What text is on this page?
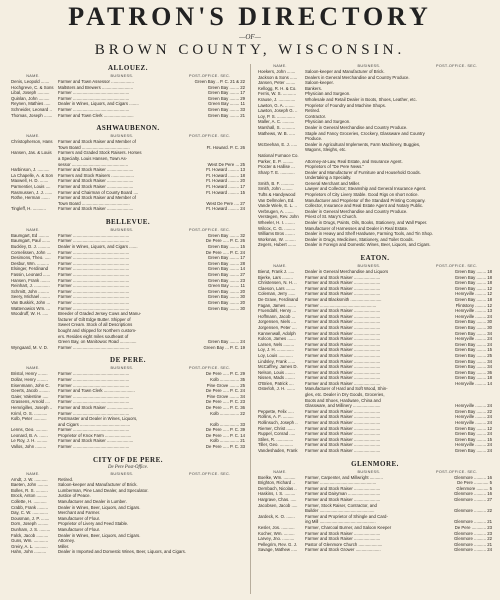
PATRON'S DIRECTORY
—OF—
BROWN COUNTY, WISCONSIN.
ALLOUEZ.
NAME.	BUSINESS.	POST-OFFICE. SEC.
Denis, Leopold .......	Farmer and Town Assessor ...................	Green Bay .. P. C. 21 & 22
Hochgreve, C. & Sons	Maltsters and Brewers ..........................	Green Bay ........ 22
Libal, Joseph ..........	Farmer ...............................................	Green Bay ........ 17
Quinlan, John .........	Farmer ...............................................	Green Bay ........ 29
Reynen, Mathies .....	Dealer in Wines, Liquors, and Cigars ........	Green Bay ........ 11
Schneider, Leonard ..	Farmer ...............................................	Green Bay ........ 33
Thomas, Joseph .......	Farmer and Town Clerk .........................	Green Bay ........ 21
ASHWAUBENON.
NAME.	BUSINESS.	POST-OFFICE. SEC.
Christopherson, Hans	Farmer and Stock Raiser and Member of
Town Board ........................................	Ft. Howard. P. C. 26
Hansen, Jas. & Louis	Farmers and Graded Stock Raisers. Horses
a Specialty. Louis Hansen, Town As-
sessor ...............................................	West De Pere ... 25
Harbinson, J. ..........	Farmer and Stock Raiser ......................	Ft. Howard ......... 13
La Chapelle, A. & Son	Farmers and Stock Raisers ...................	Ft. Howard ......... 18
Maxwell, H. D. .......	Farmer and Stock Raiser ......................	Ft. Howard ......... 20
Parmentier, Louis ....	Farmer and Stock Raiser ......................	Ft. Howard ......... 17
Rasmussen, J. J. ......	Farmer and Chairman of County Board ....	Ft. Howard ......... 15
Rothe, Herman .......	Farmer and Stock Raiser and Member of
Town Board ........................................	West De Pere .... 27
Tingleff, H. ...........	Farmer and Stock Raiser ......................	Ft. Howard ......... 24
BELLEVUE.
NAME.	BUSINESS.	POST-OFFICE. SEC.
Baumgart, Ed .........	Farmer ...............................................	Green Bay ........ 32
Baumgart, Paul .......	Farmer ...............................................	De Pere ..... P. C. 26
Buckley, D. J. ..........	Dealer in Wines, Liquors, and Cigars .......	Green Bay ........ 15
Cornelissen, John ....	Farmer ...............................................	De Pere ..... P. C. 24
Desimons, Theo. .....	Farmer ...............................................	Green Bay ........ 17
Desbur, Wm. ..........	Farmer ...............................................	Green Bay ........ 28
Elsinger, Ferdinand	Farmer ...............................................	Green Bay ........ 14
Fassin, Leonard ......	Farmer ...............................................	Green Bay ........ 27
Hansen, Frank ........	Farmer ...............................................	Green Bay ........ 23
Reinhart, J. .............	Farmer ...............................................	Green Bay ........ 11
Schmitt, John .........	Farmer ...............................................	Green Bay ........ 20
Seery, Michael ........	Farmer ...............................................	Green Bay ........ 30
Van Buskirk, John ...	Farmer ...............................................	Green Bay ........ 20
Wattenowics Wm. ...	Farmer ...............................................	Green Bay ........ 30
Woodruff, W. H. .....	Breeder of Graded Jersey Cows and Manu-
facturer of Gilt Edge Butter. Shipper of
Sweet Cream. Stock of all Descriptions
bought and shipped for Northern custom-
ers. Resides eight miles southeast of
Green Bay, on Manitowoc Road ..............	Green Bay ........ 24
Wyngaard, M. V. D.	Farmer ...............................................	Green Bay ... P. C. 19
DE PERE.
NAME.	BUSINESS.	POST-OFFICE. SEC.
Bristol, Henry ........	Farmer ...............................................	De Pere ..... P. C. 29
Dollar, Henry .........	Farmer ...............................................	Kolb ................ 35
Eisenmann, John C.	Farmer ...............................................	Pine Grove ........ 25
Geerts, Jacob .........	Farmer and Town Clerk ..........................	De Pere ..... P. C. 24
Gaier, Valentine .....	Farmer ...............................................	Pine Grove ........ 34
Grassens, Arnold ....	Farmer ...............................................	De Pere ..... P. C. 23
Hemrigilles, Joseph ..	Farmer and Stock Raiser ......................	De Pere ..... P. C. 36
Kriml, O. S. ...........	Farmer ...............................................	Kolb ................ 22
Kolb, Peter ...........	Postmaster and Dealer in Wines, Liquors,
and Cigars ..........................................	Kolb ................ 33
Lenns, Geo. ..........	Farmer ...............................................	De Pere ..... P. C. 39
Leonard, B. A. .......	Proprietor of Knox Farm ......................	De Pere ..... P. C. 14
Le Roy, J. H. .........	Farmer and Stock Raiser ......................	Kolb ................ 21
Vallos, John .........	Farmer ...............................................	De Pere ..... P. C. 33
CITY OF DE PERE.
De Pere Post-Office.
NAME.	BUSINESS.	POST-OFFICE. SEC.
Arndt, J. W. ...........	Retired.
Baeten, John .........	Saloon-keeper and Manufacturer of Brick.
Bolles, R. S. ..........	Lumberman, Pine Land Dealer, and Speculator.
Brock, Anton .........	Justice of Peace.
Collette, H. ...........	Manufacturer and Dealer in Lumber.
Crabb, Frank .........	Dealer in Wines, Beer, Liquors, and Cigars.
Day, C. W. .............	Merchant and Farmer.
Dousman, J. P. .......	Manufacturer of Flour.
Dorn, Joseph .........	Proprietor of Livery and Feed Stable.
Dunham, J. S. .........	Manufacturer of Flour.
Falck, Jacob ..........	Dealer in Wines, Beer, Liquors, and Cigars.
Guns, Wm. ............	Attorney.
Greiry, A. L. ...........	Miller.
Hahn, John ..........	Dealer in Imported and Domestic Wines, Beer, Liquors, and Cigars.
NAME.	BUSINESS.	POST-OFFICE. SEC.
Hoekers, John .......	Saloon-keeper and Manufacturer of Brick.
Jackson & Sons ......	Dealers in General Merchandise and Country Produce.
Jansen, Peter ........	Saloon-keeper.
Kellogg, R. H. & Co.	Bankers.
Ferris, W. S. ...........	Physician and Surgeon.
Krause, J. ..............	Wholesale and Retail Dealer in Boots, Shoes, Leather, etc.
Lawton, G. A. ........	Proprietor of Foundry and Machine Shops.
Lawton, Joseph G. ..	Retired.
Loy, P. S. ...............	Contractor.
Maller, A. C. ..........	Physician and Surgeon.
Marshall, S. ...........	Dealer in General Merchandise and Country Produce.
Mathews, W. B. .....	Staple and Fancy Groceries, Crockery, Glassware and Country
Produce.
McGeehan, E. J. .....	Dealer in Agricultural Implements, Farm Machinery, Buggies,
Wagons, Sleighs, etc.
National Furnace Co.
Parker, E. P. .........	Attorney-at-Law, Real Estate, and Insurance Agent.
Procter & Hallise ...	Proprietors of "De Pere News."
Sharp T. E. ............	Dealer and Manufacturer of Furniture and Household Goods.
Undertaking a Specialty.
Smith, B. F. ...........	General Merchant and Miller.
Smith, John .........	Lawyer and Collector; Steamship and General Insurance Agent.
Tufts & Handywood	Proprietors of City Livery Stable. Good Rigs on short notice.
Van Dellmolen, Ed.	Manufacturer and Proprietor of the Standard Printing Company.
Vande Wiele, E. L. ..	Collector, Insurance and Real Estate Agent and Notary Public.
Verbrugen, A. .......	Dealer in General Merchandise and Country Produce.
Verstegen, Rev. John	Priest of St. Mary's Church.
Wheeler, H. I. ........	Dealer in Drugs, Paints, Oils, Books, Stationery, and Wall Paper.
Wilcox, C. G. .........	Manufacturer of Harnesses and Dealer in Real Estate.
Williams Bros ........	Dealer in Heavy and Shelf Hardware, Farming Tools, and Tin Shop.
Workman, W. .........	Dealer in Drugs, Medicines, Stationery, and Toilet Goods.
Zegers, Hubert .......	Dealer in Foreign and Domestic Wines, Beer, Liquors, and Cigars.
EATON.
NAME.	BUSINESS.	POST-OFFICE. SEC.
Bierut, Frank J. .....	Dealer in General Merchandise and Liquors	Green Bay ........ 18
Bjerke, Lars .........	Farmer and Stock Raiser ......................	Green Bay ........ 18
Christensen, N. H. ..	Farmer and Stock Raiser ......................	Green Bay ........ 18
Claeson, Lars ........	Farmer and Stock Raiser ......................	Green Bay ........ 12
Coleman, Jerry ......	Farmer and Stock Raiser ......................	Henryville ......... 12
De Grave, Ferdinand	Farmer and Blacksmith ..........................	Green Bay ........ 18
Fagan, James ........	Farmer ...............................................	Flintstony ......... 12
Fruendahl, Henry ...	Farmer and Stock Raiser ......................	Henryville ......... 13
Hoffmann, Jacob ...	Farmer and Stock Raiser ......................	Henryville ......... 24
Jorgensen, Niels ....	Farmer and Stock Raiser ......................	Green Bay ........ 30
Jorgensen, Peter ....	Farmer and Stock Raiser ......................	Green Bay ........ 30
Kannenwall, Adolph	Farmer and Stock Raiser ......................	Green Bay ........ 34
Kolcon, James .......	Farmer and Stock Raiser ......................	Henryville ......... 24
Larsen, Nels .........	Farmer and Stock Raiser ......................	Green Bay ........ 24
Loy, J. H. ..............	Farmer and Stock Raiser ......................	Green Bay ........ 15
Loy, Louis ............	Farmer and Stock Raiser ......................	Green Bay ........ 25
Lindsley, Frank ......	Farmer and Stock Raiser ......................	Green Bay ........ 34
McCaffrey, James D.	Farmer and Stock Raiser ......................	Green Bay ........ 34
Nelson, Louis ........	Farmer and Stock Raiser ......................	Green Bay ........ 36
Nissen, Mads ........	Farmer and Stock Raiser ......................	Green Bay ........ 18
O'Brien, Patrick ....	Farmer and Stock Raiser ......................	Henryville ......... 14
Osterloh, J. H. .......	Manufacturer of Hard and Soft Wood, Shin-
gles, etc. Dealer in Dry Goods, Groceries,
Boots and Shoes, Hardware, China and
Glassware, and Millinery .......................	Henryville ......... 24
Peppette, Felix .....	Farmer and Stock Raiser ......................	Green Bay ........ 22
Rollins, A. F. .........	Farmer and Stock Raiser ......................	Henryville ......... 24
Rollinsuch, Joseph ..	Farmer and Stock Raiser ......................	Henryville ......... 24
Riemer, Christ .......	Farmer and Stock Raiser ......................	Green Bay ........ 12
Ruppel, Conrad .....	Farmer and Stock Raiser ......................	Green Bay ........ 24
Stiles, R. ..............	Farmer and Stock Raiser ......................	Green Bay ........ 15
Tiller, Geo. ...........	Farmer and Stock Raiser ......................	Henryville ......... 24
Vandeshaden, Frank	Farmer and Stock Raiser ......................	Green Bay ........ 24
GLENMORE.
NAME.	BUSINESS.	POST-OFFICE. SEC.
Boelke, Wm. ..........	Farmer, Carpenter, and Millwright ...........	Glenmore .......... 16
Brighton, Richard ..	Farmer ...............................................	De Pere ............ 5
Dernbach, Nicolas ..	Farmer and Stock Raiser ......................	Glenmore .......... 5
Haskins, I. S. .........	Farmer and Dairyman ...........................	Glenmore .......... 16
Hargrave, Chas. .....	Farmer and Stock Raiser ......................	Glenmore .......... 27
Jacobsen, Jacob .....	Farmer, Stock Raiser, Contractor, and
Builder ..............................................	Glenmore .......... 22
Jardeck, K. O. .......	Farmer and Proprietor of Shingle and Card-
ing Mill ...............................................	Glenmore .......... 21
Kesler, Jos. ...........	Farmer, Charcoal Burner, and Saloon Keeper	De Pere ............ 23
Kocher, Wm. .........	Farmer and Stock Raiser ......................	Glenmore .......... 23
Larvey, Jno. ..........	Farmer and Stock Raiser ......................	Glenmore .......... 22
Pellegrim, Rev. G. J.	Pastor of Glenmore Church ....................	Glenmore .......... 21
Savage, Mathew .....	Farmer and Stock Grower .....................	Glenmore .......... 24
